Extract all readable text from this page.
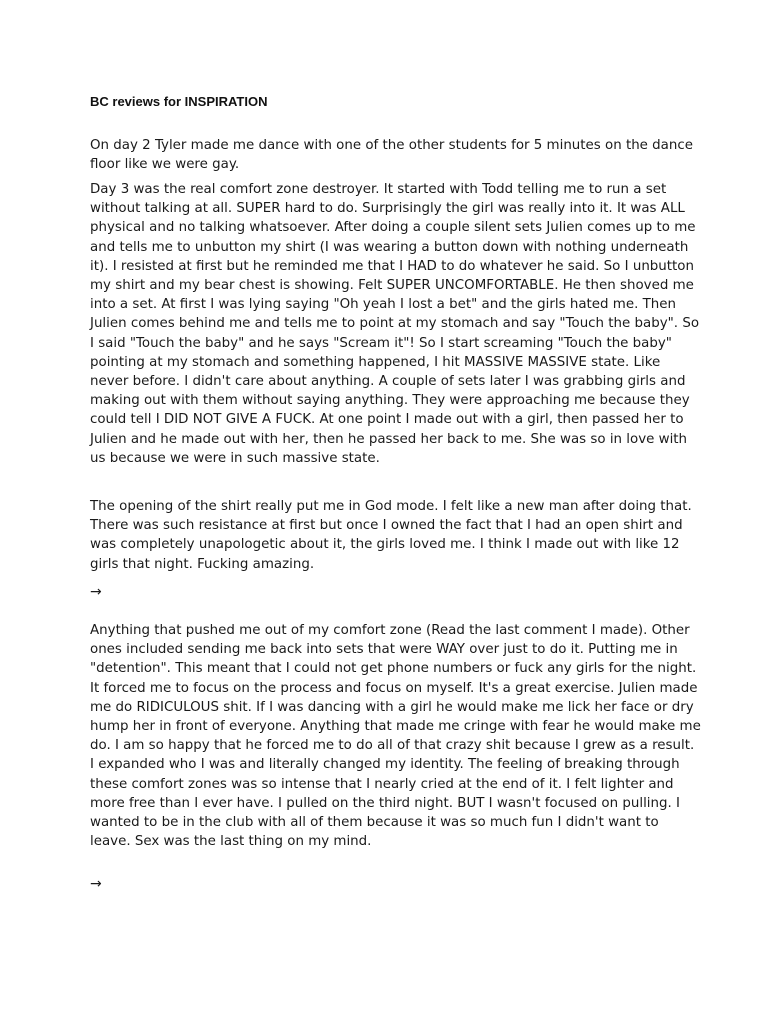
BC reviews for INSPIRATION

On day 2 Tyler made me dance with one of the other students for 5 minutes on the dance floor like we were gay.

Day 3 was the real comfort zone destroyer. It started with Todd telling me to run a set without talking at all. SUPER hard to do. Surprisingly the girl was really into it. It was ALL physical and no talking whatsoever. After doing a couple silent sets Julien comes up to me and tells me to unbutton my shirt (I was wearing a button down with nothing underneath it). I resisted at first but he reminded me that I HAD to do whatever he said. So I unbutton my shirt and my bear chest is showing. Felt SUPER UNCOMFORTABLE. He then shoved me into a set. At first I was lying saying "Oh yeah I lost a bet" and the girls hated me. Then Julien comes behind me and tells me to point at my stomach and say "Touch the baby". So I said "Touch the baby" and he says "Scream it"! So I start screaming "Touch the baby" pointing at my stomach and something happened, I hit MASSIVE MASSIVE state. Like never before. I didn't care about anything. A couple of sets later I was grabbing girls and making out with them without saying anything. They were approaching me because they could tell I DID NOT GIVE A FUCK. At one point I made out with a girl, then passed her to Julien and he made out with her, then he passed her back to me. She was so in love with us because we were in such massive state.

The opening of the shirt really put me in God mode. I felt like a new man after doing that. There was such resistance at first but once I owned the fact that I had an open shirt and was completely unapologetic about it, the girls loved me. I think I made out with like 12 girls that night. Fucking amazing.

→

Anything that pushed me out of my comfort zone (Read the last comment I made). Other ones included sending me back into sets that were WAY over just to do it. Putting me in "detention". This meant that I could not get phone numbers or fuck any girls for the night. It forced me to focus on the process and focus on myself. It's a great exercise. Julien made me do RIDICULOUS shit. If I was dancing with a girl he would make me lick her face or dry hump her in front of everyone. Anything that made me cringe with fear he would make me do. I am so happy that he forced me to do all of that crazy shit because I grew as a result. I expanded who I was and literally changed my identity. The feeling of breaking through these comfort zones was so intense that I nearly cried at the end of it. I felt lighter and more free than I ever have. I pulled on the third night. BUT I wasn't focused on pulling. I wanted to be in the club with all of them because it was so much fun I didn't want to leave. Sex was the last thing on my mind.

→
